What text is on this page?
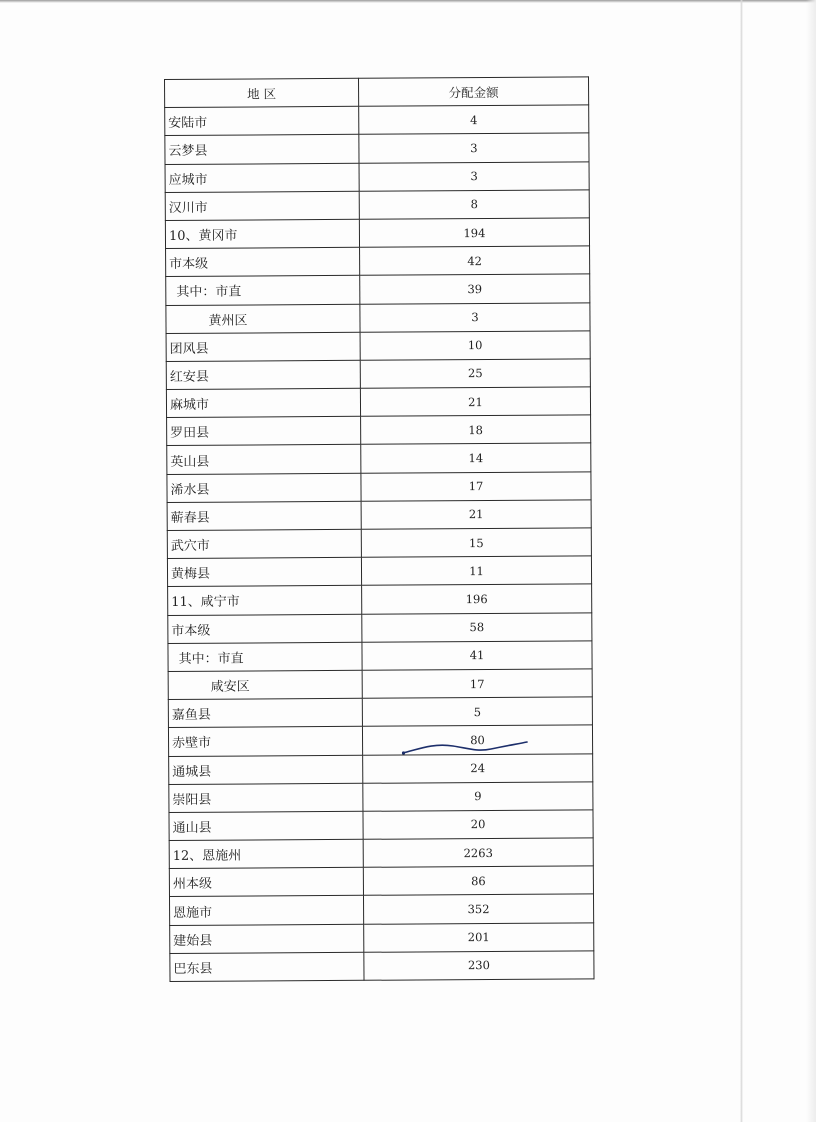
地 区	分配金额
安陆市	4
云梦县	3
应城市	3
汉川市	8
10、黄冈市	194
市本级	42
其中：市直	39
黄州区	3
团风县	10
红安县	25
麻城市	21
罗田县	18
英山县	14
浠水县	17
蕲春县	21
武穴市	15
黄梅县	11
11、咸宁市	196
市本级	58
其中：市直	41
咸安区	17
嘉鱼县	5
赤壁市	80
通城县	24
崇阳县	9
通山县	20
12、恩施州	2263
州本级	86
恩施市	352
建始县	201
巴东县	230
